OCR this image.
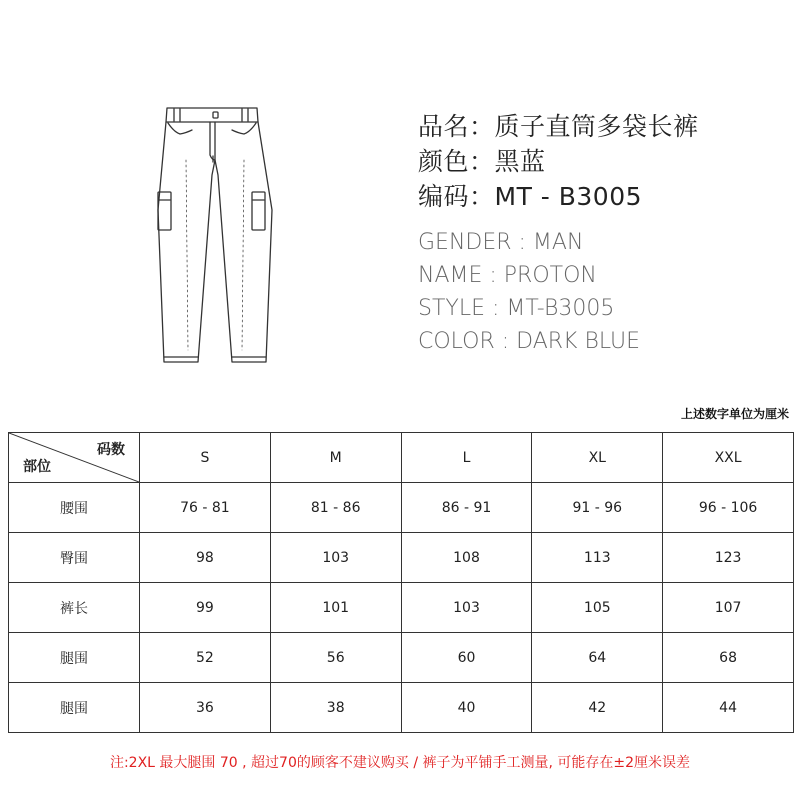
品名：质子直筒多袋长裤
颜色：黑蓝
编码：MT - B3005
GENDER : MAN
NAME : PROTON
STYLE : MT-B3005
COLOR : DARK BLUE
上述数字单位为厘米
码数
部位	S	M	L	XL	XXL
腰围	76 - 81	81 - 86	86 - 91	91 - 96	96 - 106
臀围	98	103	108	113	123
裤长	99	101	103	105	107
腿围	52	56	60	64	68
腿围	36	38	40	42	44
注:2XL 最大腿围 70 , 超过70的顾客不建议购买 / 裤子为平铺手工测量, 可能存在±2厘米误差
